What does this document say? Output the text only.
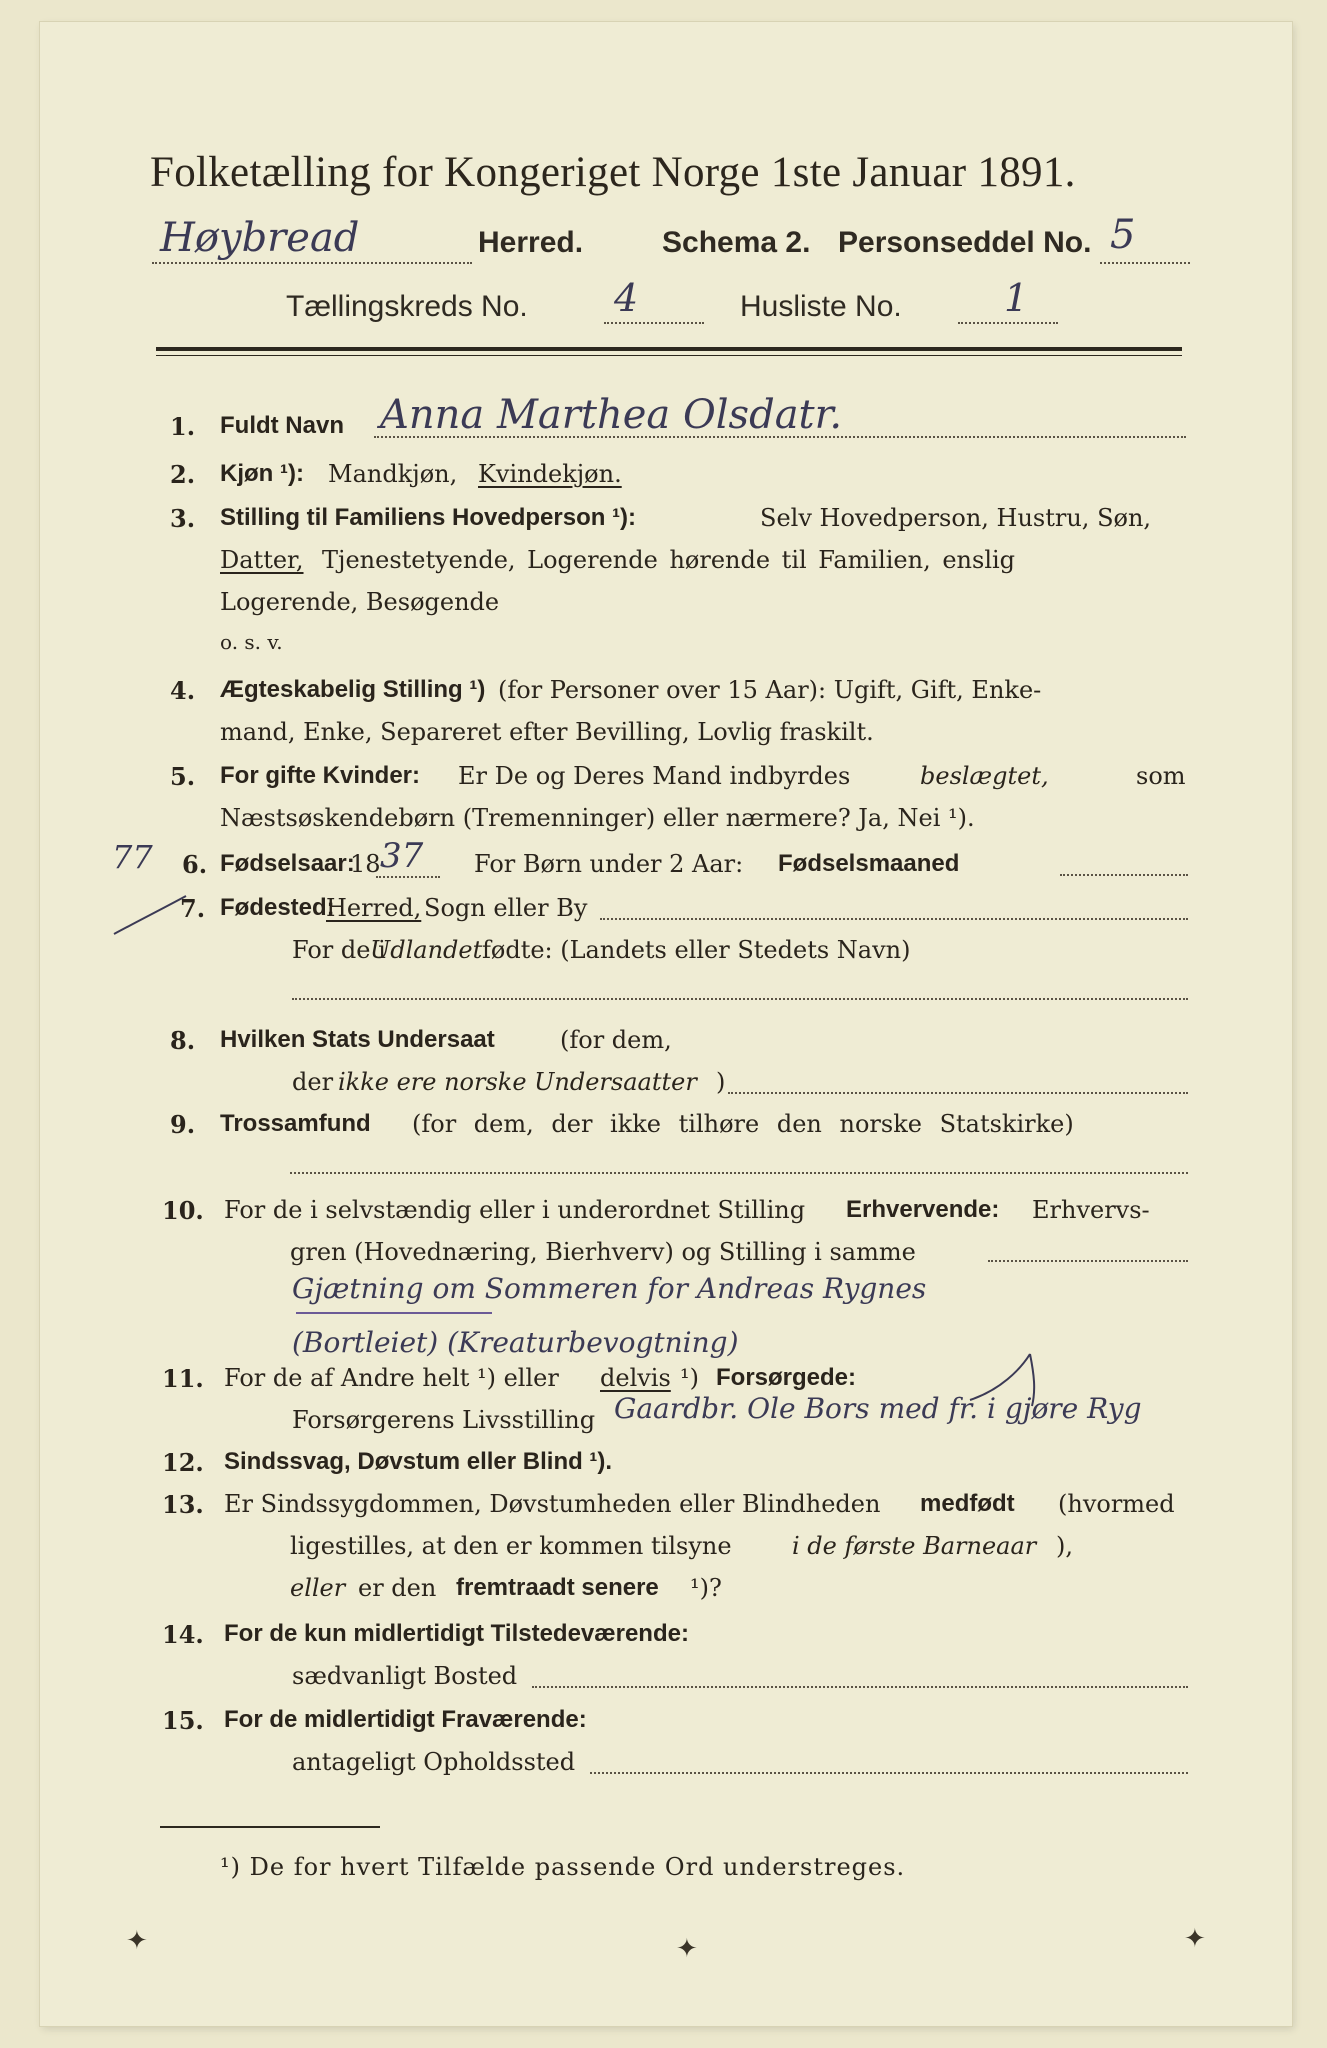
Folketælling for Kongeriget Norge 1ste Januar 1891.
Høybread	Herred.	Schema 2. Personseddel No. 5
Tællingskreds No. 4	Husliste No.	1
1. Fuldt Navn Anna Marthea Olsdatr.
2. Kjøn ¹): Mandkjøn, Kvindekjøn.
3. Stilling til Familiens Hovedperson ¹):	Selv Hovedperson, Hustru, Søn,
Datter, Tjenestetyende, Logerende hørende til Familien, enslig
Logerende, Besøgende
o. s. v.
4. Ægteskabelig Stilling ¹) (for Personer over 15 Aar): Ugift, Gift, Enke-
mand, Enke, Separeret efter Bevilling, Lovlig fraskilt.
5. For gifte Kvinder: Er De og Deres Mand indbyrdes	beslægtet,	som
Næstsøskendebørn (Tremenninger) eller nærmere? Ja, Nei ¹).
77 6. Fødselsaar:
18 37 For Børn under 2 Aar: Fødselsmaaned
7. Fødested:
Herred, Sogn eller By
For de i
Udlandet fødte: (Landets eller Stedets Navn)
8. Hvilken Stats Undersaat	(for dem,
der ikke ere norske Undersaatter )
9. Trossamfund (for dem, der ikke tilhøre den norske Statskirke)
10. For de i selvstændig eller i underordnet Stilling Erhvervende: Erhvervs-
gren (Hovednæring, Bierhverv) og Stilling i samme
Gjætning om Sommeren for Andreas Rygnes
(Bortleiet) (Kreaturbevogtning)
11. For de af Andre helt ¹) eller delvis ¹) Forsørgede:
Forsørgerens Livsstilling Gaardbr. Ole Bors med fr. i gjøre Ryg
12. Sindssvag, Døvstum eller Blind ¹).
13. Er Sindssygdommen, Døvstumheden eller Blindheden medfødt (hvormed
ligestilles, at den er kommen tilsyne	i de første Barneaar ),
eller er den fremtraadt senere ¹)?
14. For de kun midlertidigt Tilstedeværende:
sædvanligt Bosted
15. For de midlertidigt Fraværende:
antageligt Opholdssted
¹) De for hvert Tilfælde passende Ord understreges.
✦	✦	✦
